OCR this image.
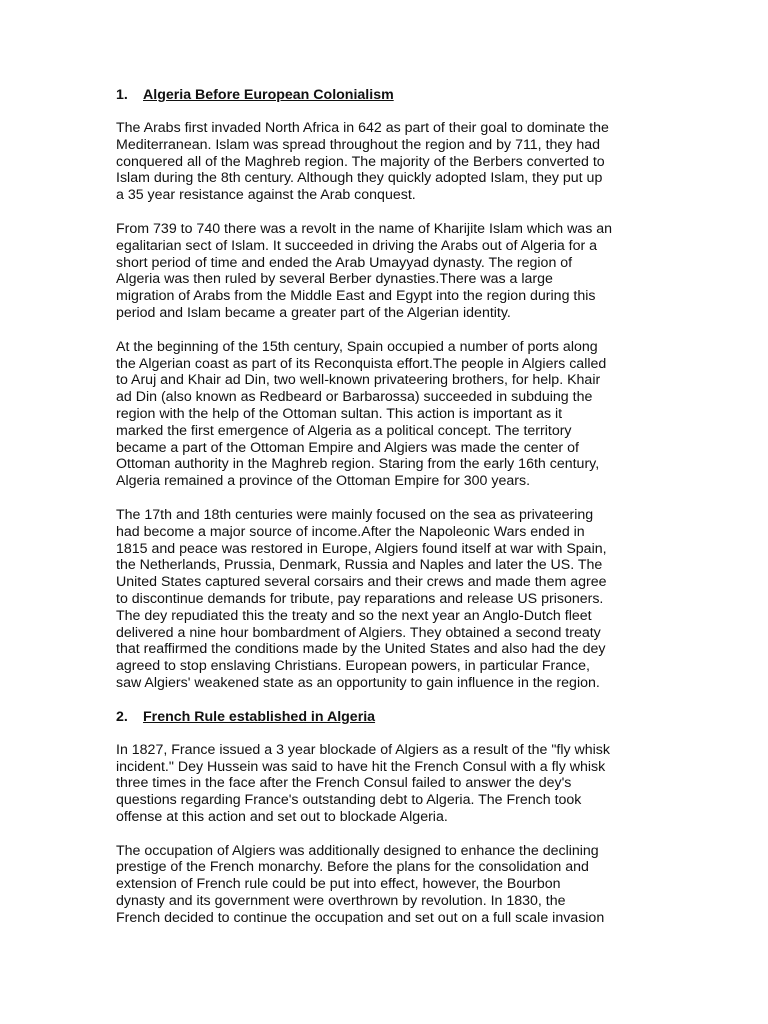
1. Algeria Before European Colonialism
The Arabs first invaded North Africa in 642 as part of their goal to dominate the
Mediterranean. Islam was spread throughout the region and by 711, they had
conquered all of the Maghreb region. The majority of the Berbers converted to
Islam during the 8th century. Although they quickly adopted Islam, they put up
a 35 year resistance against the Arab conquest.
From 739 to 740 there was a revolt in the name of Kharijite Islam which was an
egalitarian sect of Islam. It succeeded in driving the Arabs out of Algeria for a
short period of time and ended the Arab Umayyad dynasty. The region of
Algeria was then ruled by several Berber dynasties.There was a large
migration of Arabs from the Middle East and Egypt into the region during this
period and Islam became a greater part of the Algerian identity.
At the beginning of the 15th century, Spain occupied a number of ports along
the Algerian coast as part of its Reconquista effort.The people in Algiers called
to Aruj and Khair ad Din, two well-known privateering brothers, for help. Khair
ad Din (also known as Redbeard or Barbarossa) succeeded in subduing the
region with the help of the Ottoman sultan. This action is important as it
marked the first emergence of Algeria as a political concept. The territory
became a part of the Ottoman Empire and Algiers was made the center of
Ottoman authority in the Maghreb region. Staring from the early 16th century,
Algeria remained a province of the Ottoman Empire for 300 years.
The 17th and 18th centuries were mainly focused on the sea as privateering
had become a major source of income.After the Napoleonic Wars ended in
1815 and peace was restored in Europe, Algiers found itself at war with Spain,
the Netherlands, Prussia, Denmark, Russia and Naples and later the US. The
United States captured several corsairs and their crews and made them agree
to discontinue demands for tribute, pay reparations and release US prisoners.
The dey repudiated this the treaty and so the next year an Anglo-Dutch fleet
delivered a nine hour bombardment of Algiers. They obtained a second treaty
that reaffirmed the conditions made by the United States and also had the dey
agreed to stop enslaving Christians. European powers, in particular France,
saw Algiers' weakened state as an opportunity to gain influence in the region.
2. French Rule established in Algeria
In 1827, France issued a 3 year blockade of Algiers as a result of the "fly whisk
incident." Dey Hussein was said to have hit the French Consul with a fly whisk
three times in the face after the French Consul failed to answer the dey's
questions regarding France's outstanding debt to Algeria. The French took
offense at this action and set out to blockade Algeria.
The occupation of Algiers was additionally designed to enhance the declining
prestige of the French monarchy. Before the plans for the consolidation and
extension of French rule could be put into effect, however, the Bourbon
dynasty and its government were overthrown by revolution. In 1830, the
French decided to continue the occupation and set out on a full scale invasion
